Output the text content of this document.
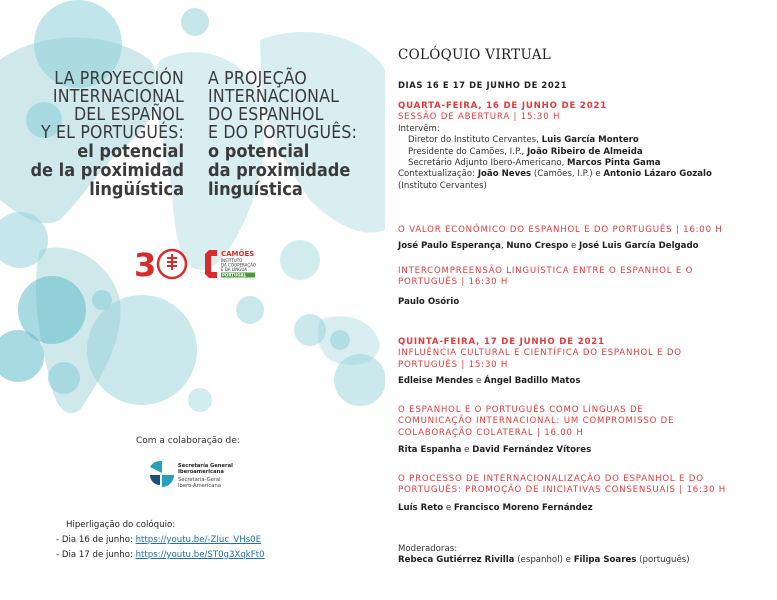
LA PROYECCIÓN
INTERNACIONAL
DEL ESPAÑOL
Y EL PORTUGUÉS:
el potencial
de la proximidad
lingüística
A PROJEÇÃO
INTERNACIONAL
DO ESPANHOL
E DO PORTUGUÊS:
o potencial
da proximidade
linguística
3	CAMÕES
INSTITUTO
DA COOPERAÇÃO
E DA LÍNGUA
PORTUGAL
Com a colaboração de:
Secretaría General
Iberoamericana
Secretaria-Geral
Ibero-Americana
Hiperligação do colóquio:
- Dia 16 de junho: https://youtu.be/-ZIuc_VHs0E
- Dia 17 de junho: https://youtu.be/ST0g3XqkFt0
COLÓQUIO VIRTUAL
DIAS 16 E 17 DE JUNHO DE 2021
QUARTA-FEIRA, 16 DE JUNHO DE 2021
SESSÃO DE ABERTURA | 15:30 H
Intervêm:
Diretor do Instituto Cervantes, Luis García Montero
Presidente do Camões, I.P., João Ribeiro de Almeida
Secretário Adjunto Ibero-Americano, Marcos Pinta Gama
Contextualização: João Neves (Camões, I.P.) e Antonio Lázaro Gozalo
(Instituto Cervantes)
O VALOR ECONÓMICO DO ESPANHOL E DO PORTUGUÊS | 16:00 H
José Paulo Esperança, Nuno Crespo e José Luis García Delgado
INTERCOMPREENSÃO LINGUÍSTICA ENTRE O ESPANHOL E O
PORTUGUÊS | 16:30 H
Paulo Osório
QUINTA-FEIRA, 17 DE JUNHO DE 2021
INFLUÊNCIA CULTURAL E CIENTÍFICA DO ESPANHOL E DO
PORTUGUÊS | 15:30 H
Edleise Mendes e Ángel Badillo Matos
O ESPANHOL E O PORTUGUÊS COMO LÍNGUAS DE
COMUNICAÇÃO INTERNACIONAL: UM COMPROMISSO DE
COLABORAÇÃO COLATERAL | 16.00 H
Rita Espanha e David Fernández Vítores
O PROCESSO DE INTERNACIONALIZAÇÃO DO ESPANHOL E DO
PORTUGUÊS: PROMOÇÃO DE INICIATIVAS CONSENSUAIS | 16:30 H
Luís Reto e Francisco Moreno Fernández
Moderadoras:
Rebeca Gutiérrez Rivilla (espanhol) e Filipa Soares (português)
